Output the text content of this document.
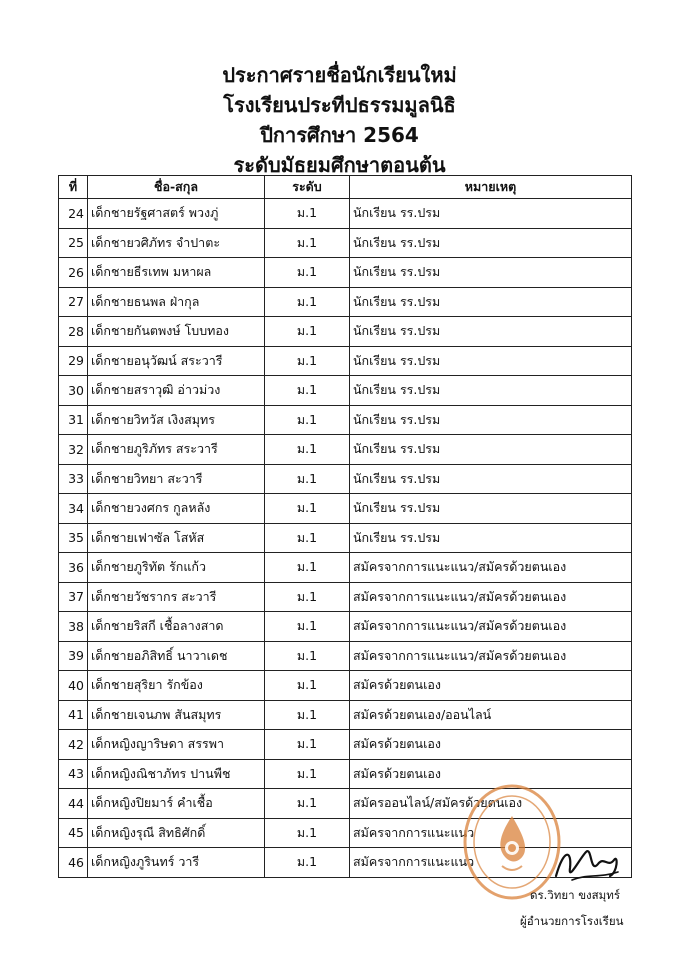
ประกาศรายชื่อนักเรียนใหม่
โรงเรียนประทีปธรรมมูลนิธิ
ปีการศึกษา 2564
ระดับมัธยมศึกษาตอนต้น
ที่	ชื่อ-สกุล	ระดับ	หมายเหตุ
24	เด็กชายรัฐศาสตร์ พวงภู่	ม.1	นักเรียน รร.ปรม
25	เด็กชายวศิภัทร จำปาตะ	ม.1	นักเรียน รร.ปรม
26	เด็กชายธีรเทพ มหาผล	ม.1	นักเรียน รร.ปรม
27	เด็กชายธนพล ฝ่ากุล	ม.1	นักเรียน รร.ปรม
28	เด็กชายกันตพงษ์ โบบทอง	ม.1	นักเรียน รร.ปรม
29	เด็กชายอนุวัฒน์ สระวารี	ม.1	นักเรียน รร.ปรม
30	เด็กชายสราวุฒิ อ่าวม่วง	ม.1	นักเรียน รร.ปรม
31	เด็กชายวิทวัส เงิงสมุทร	ม.1	นักเรียน รร.ปรม
32	เด็กชายภูริภัทร สระวารี	ม.1	นักเรียน รร.ปรม
33	เด็กชายวิทยา สะวารี	ม.1	นักเรียน รร.ปรม
34	เด็กชายวงศกร กูลหลัง	ม.1	นักเรียน รร.ปรม
35	เด็กชายเฟาซัล โสหัส	ม.1	นักเรียน รร.ปรม
36	เด็กชายภูริทัต รักแก้ว	ม.1	สมัครจากการแนะแนว/สมัครด้วยตนเอง
37	เด็กชายวัชรากร สะวารี	ม.1	สมัครจากการแนะแนว/สมัครด้วยตนเอง
38	เด็กชายริสกี เชื้อลางสาด	ม.1	สมัครจากการแนะแนว/สมัครด้วยตนเอง
39	เด็กชายอภิสิทธิ์ นาวาเดช	ม.1	สมัครจากการแนะแนว/สมัครด้วยตนเอง
40	เด็กชายสุริยา รักข้อง	ม.1	สมัครด้วยตนเอง
41	เด็กชายเจนภพ สันสมุทร	ม.1	สมัครด้วยตนเอง/ออนไลน์
42	เด็กหญิงญาริษดา สรรพา	ม.1	สมัครด้วยตนเอง
43	เด็กหญิงณิชาภัทร ปานพืช	ม.1	สมัครด้วยตนเอง
44	เด็กหญิงปิยมาร์ คำเชื้อ	ม.1	สมัครออนไลน์/สมัครด้วยตนเอง
45	เด็กหญิงรุณี สิทธิศักดิ์	ม.1	สมัครจากการแนะแนว
46	เด็กหญิงภูรินทร์ วารี	ม.1	สมัครจากการแนะแนว
ดร.วิทยา ขงสมุทร์
ผู้อำนวยการโรงเรียน
